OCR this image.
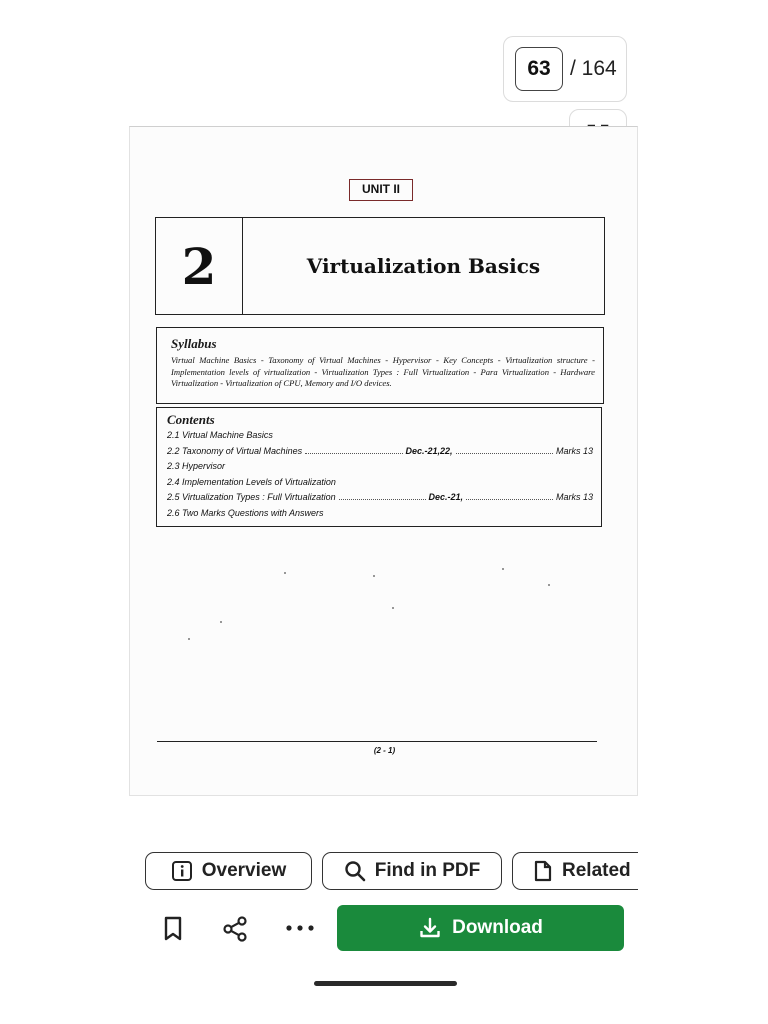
63 / 164
UNIT II
2	Virtualization Basics
Syllabus
Virtual Machine Basics - Taxonomy of Virtual Machines - Hypervisor - Key Concepts - Virtualization structure - Implementation levels of virtualization - Virtualization Types : Full Virtualization - Para Virtualization - Hardware Virtualization - Virtualization of CPU, Memory and I/O devices.
Contents
2.1 Virtual Machine Basics
2.2 Taxonomy of Virtual Machines	Dec.-21,22,	Marks 13
2.3 Hypervisor
2.4 Implementation Levels of Virtualization
2.5 Virtualization Types : Full Virtualization	Dec.-21,	Marks 13
2.6 Two Marks Questions with Answers
(2 - 1)
Overview	Find in PDF	Related
Download
